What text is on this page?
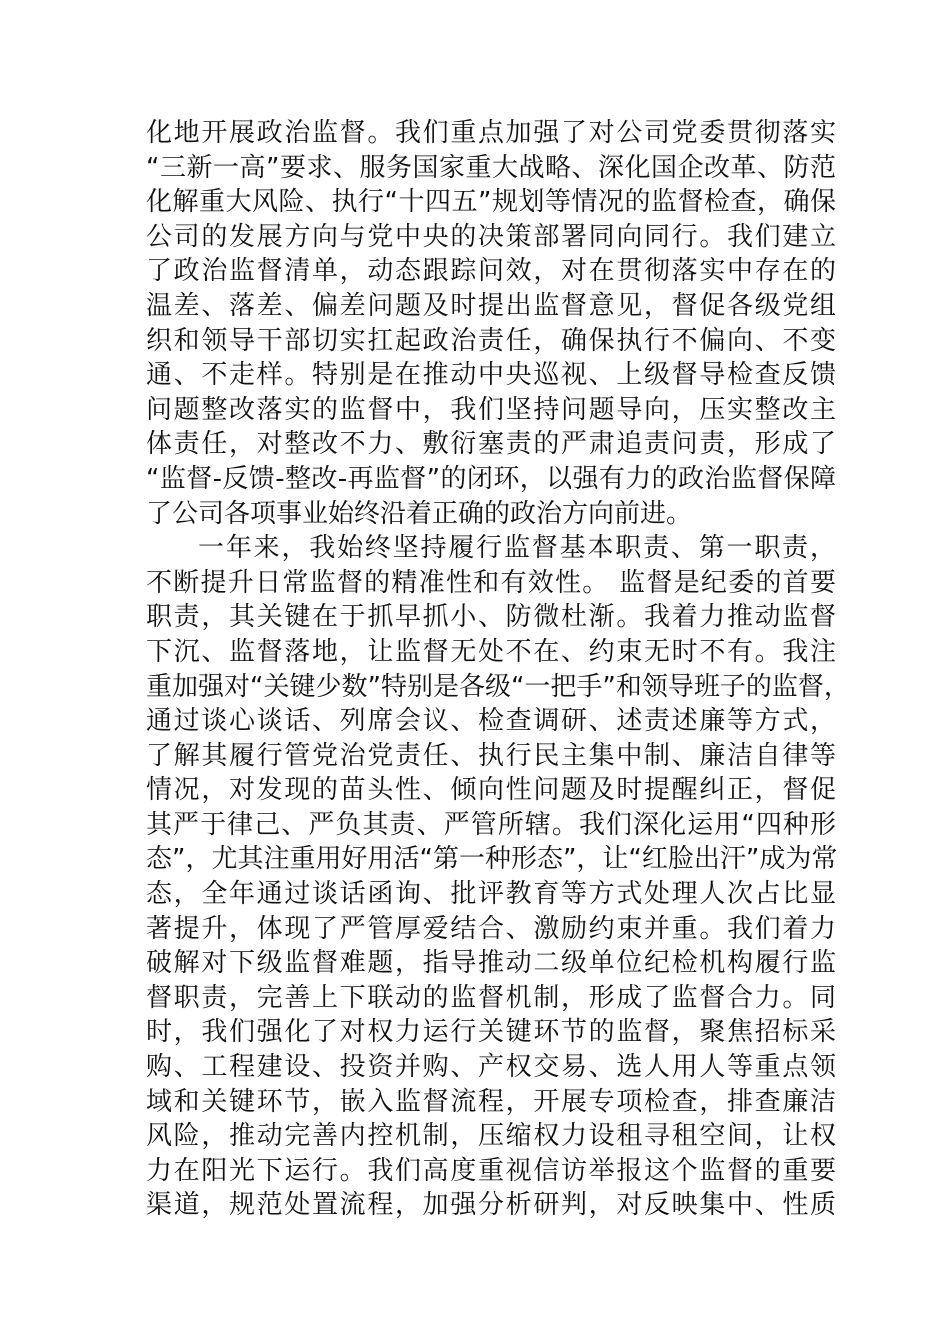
化地开展政治监督。我们重点加强了对公司党委贯彻落实
“三新一高”要求、服务国家重大战略、深化国企改革、防范
化解重大风险、执行“十四五”规划等情况的监督检查，确保
公司的发展方向与党中央的决策部署同向同行。我们建立
了政治监督清单，动态跟踪问效，对在贯彻落实中存在的
温差、落差、偏差问题及时提出监督意见，督促各级党组
织和领导干部切实扛起政治责任，确保执行不偏向、不变
通、不走样。特别是在推动中央巡视、上级督导检查反馈
问题整改落实的监督中，我们坚持问题导向，压实整改主
体责任，对整改不力、敷衍塞责的严肃追责问责，形成了
“监督-反馈-整改-再监督”的闭环，以强有力的政治监督保障
了公司各项事业始终沿着正确的政治方向前进。
一年来，我始终坚持履行监督基本职责、第一职责，
不断提升日常监督的精准性和有效性。 监督是纪委的首要
职责，其关键在于抓早抓小、防微杜渐。我着力推动监督
下沉、监督落地，让监督无处不在、约束无时不有。我注
重加强对“关键少数”特别是各级“一把手”和领导班子的监督，
通过谈心谈话、列席会议、检查调研、述责述廉等方式，
了解其履行管党治党责任、执行民主集中制、廉洁自律等
情况，对发现的苗头性、倾向性问题及时提醒纠正，督促
其严于律己、严负其责、严管所辖。我们深化运用“四种形
态”，尤其注重用好用活“第一种形态”，让“红脸出汗”成为常
态，全年通过谈话函询、批评教育等方式处理人次占比显
著提升，体现了严管厚爱结合、激励约束并重。我们着力
破解对下级监督难题，指导推动二级单位纪检机构履行监
督职责，完善上下联动的监督机制，形成了监督合力。同
时，我们强化了对权力运行关键环节的监督，聚焦招标采
购、工程建设、投资并购、产权交易、选人用人等重点领
域和关键环节，嵌入监督流程，开展专项检查，排查廉洁
风险，推动完善内控机制，压缩权力设租寻租空间，让权
力在阳光下运行。我们高度重视信访举报这个监督的重要
渠道，规范处置流程，加强分析研判，对反映集中、性质
